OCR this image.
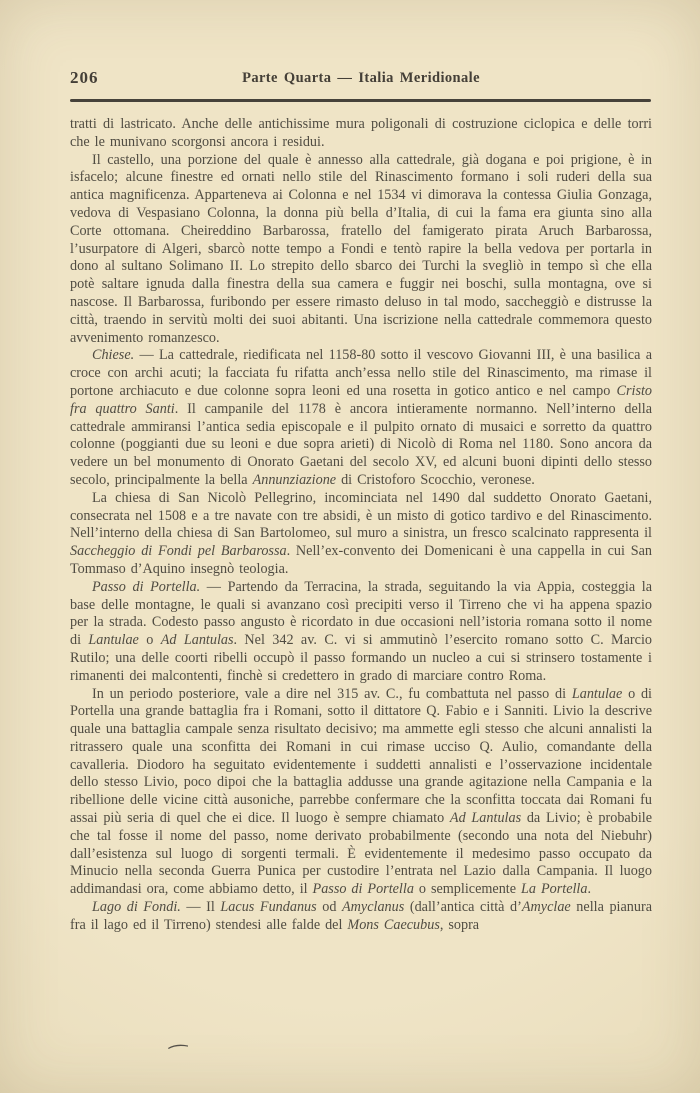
206	Parte Quarta — Italia Meridionale

tratti di lastricato. Anche delle antichissime mura poligonali di costruzione ciclopica e delle torri che le munivano scorgonsi ancora i residui.

Il castello, una porzione del quale è annesso alla cattedrale, già dogana e poi prigione, è in isfacelo; alcune finestre ed ornati nello stile del Rinascimento formano i soli ruderi della sua antica magnificenza. Apparteneva ai Colonna e nel 1534 vi dimorava la contessa Giulia Gonzaga, vedova di Vespasiano Colonna, la donna più bella d’Italia, di cui la fama era giunta sino alla Corte ottomana. Cheireddino Barbarossa, fratello del famigerato pirata Aruch Barbarossa, l’usurpatore di Algeri, sbarcò notte tempo a Fondi e tentò rapire la bella vedova per portarla in dono al sultano Solimano II. Lo strepito dello sbarco dei Turchi la svegliò in tempo sì che ella potè saltare ignuda dalla finestra della sua camera e fuggir nei boschi, sulla montagna, ove si nascose. Il Barbarossa, furibondo per essere rimasto deluso in tal modo, saccheggiò e distrusse la città, traendo in servitù molti dei suoi abitanti. Una iscrizione nella cattedrale commemora questo avvenimento romanzesco.

Chiese. — La cattedrale, riedificata nel 1158-80 sotto il vescovo Giovanni III, è una basilica a croce con archi acuti; la facciata fu rifatta anch’essa nello stile del Rinascimento, ma rimase il portone archiacuto e due colonne sopra leoni ed una rosetta in gotico antico e nel campo Cristo fra quattro Santi. Il campanile del 1178 è ancora intieramente normanno. Nell’interno della cattedrale ammiransi l’antica sedia episcopale e il pulpito ornato di musaici e sorretto da quattro colonne (poggianti due su leoni e due sopra arieti) di Nicolò di Roma nel 1180. Sono ancora da vedere un bel monumento di Onorato Gaetani del secolo XV, ed alcuni buoni dipinti dello stesso secolo, principalmente la bella Annunziazione di Cristoforo Scocchio, veronese.

La chiesa di San Nicolò Pellegrino, incominciata nel 1490 dal suddetto Onorato Gaetani, consecrata nel 1508 e a tre navate con tre absidi, è un misto di gotico tardivo e del Rinascimento. Nell’interno della chiesa di San Bartolomeo, sul muro a sinistra, un fresco scalcinato rappresenta il Saccheggio di Fondi pel Barbarossa. Nell’ex-convento dei Domenicani è una cappella in cui San Tommaso d’Aquino insegnò teologia.

Passo di Portella. — Partendo da Terracina, la strada, seguitando la via Appia, costeggia la base delle montagne, le quali si avanzano così precipiti verso il Tirreno che vi ha appena spazio per la strada. Codesto passo angusto è ricordato in due occasioni nell’istoria romana sotto il nome di Lantulae o Ad Lantulas. Nel 342 av. C. vi si ammutinò l’esercito romano sotto C. Marcio Rutilo; una delle coorti ribelli occupò il passo formando un nucleo a cui si strinsero tostamente i rimanenti dei malcontenti, finchè si credettero in grado di marciare contro Roma.

In un periodo posteriore, vale a dire nel 315 av. C., fu combattuta nel passo di Lantulae o di Portella una grande battaglia fra i Romani, sotto il dittatore Q. Fabio e i Sanniti. Livio la descrive quale una battaglia campale senza risultato decisivo; ma ammette egli stesso che alcuni annalisti la ritrassero quale una sconfitta dei Romani in cui rimase ucciso Q. Aulio, comandante della cavalleria. Diodoro ha seguitato evidentemente i suddetti annalisti e l’osservazione incidentale dello stesso Livio, poco dipoi che la battaglia addusse una grande agitazione nella Campania e la ribellione delle vicine città ausoniche, parrebbe confermare che la sconfitta toccata dai Romani fu assai più seria di quel che ei dice. Il luogo è sempre chiamato Ad Lantulas da Livio; è probabile che tal fosse il nome del passo, nome derivato probabilmente (secondo una nota del Niebuhr) dall’esistenza sul luogo di sorgenti termali. È evidentemente il medesimo passo occupato da Minucio nella seconda Guerra Punica per custodire l’entrata nel Lazio dalla Campania. Il luogo addimandasi ora, come abbiamo detto, il Passo di Portella o semplicemente La Portella.

Lago di Fondi. — Il Lacus Fundanus od Amyclanus (dall’antica città d’Amyclae nella pianura fra il lago ed il Tirreno) stendesi alle falde del Mons Caecubus, sopra
